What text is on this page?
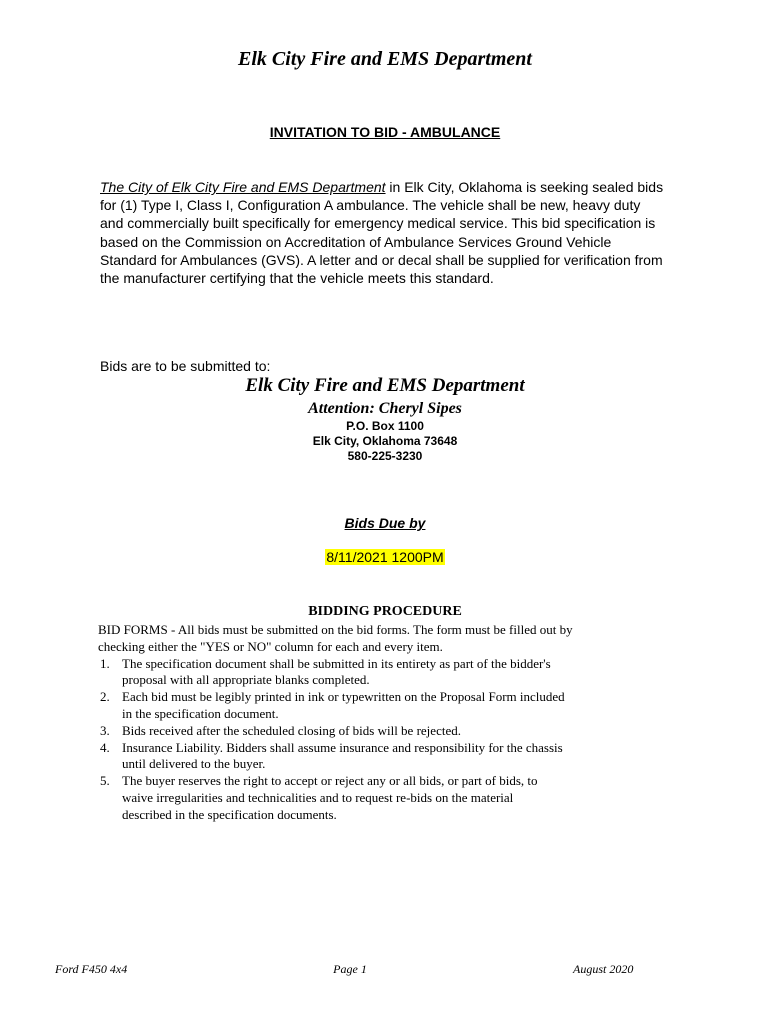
Elk City Fire and EMS Department
INVITATION TO BID - AMBULANCE
The City of Elk City Fire and EMS Department in Elk City, Oklahoma is seeking sealed bids
for (1) Type I, Class I, Configuration A ambulance. The vehicle shall be new, heavy duty
and commercially built specifically for emergency medical service. This bid specification is
based on the Commission on Accreditation of Ambulance Services Ground Vehicle
Standard for Ambulances (GVS). A letter and or decal shall be supplied for verification from
the manufacturer certifying that the vehicle meets this standard.
Bids are to be submitted to:
Elk City Fire and EMS Department
Attention: Cheryl Sipes
P.O. Box 1100
Elk City, Oklahoma 73648
580-225-3230
Bids Due by
8/11/2021 1200PM
BIDDING PROCEDURE
BID FORMS - All bids must be submitted on the bid forms. The form must be filled out by
checking either the "YES or NO" column for each and every item.
1. The specification document shall be submitted in its entirety as part of the bidder's
proposal with all appropriate blanks completed.
2. Each bid must be legibly printed in ink or typewritten on the Proposal Form included
in the specification document.
3. Bids received after the scheduled closing of bids will be rejected.
4. Insurance Liability. Bidders shall assume insurance and responsibility for the chassis
until delivered to the buyer.
5. The buyer reserves the right to accept or reject any or all bids, or part of bids, to
waive irregularities and technicalities and to request re-bids on the material
described in the specification documents.
Ford F450 4x4	Page 1	August 2020
